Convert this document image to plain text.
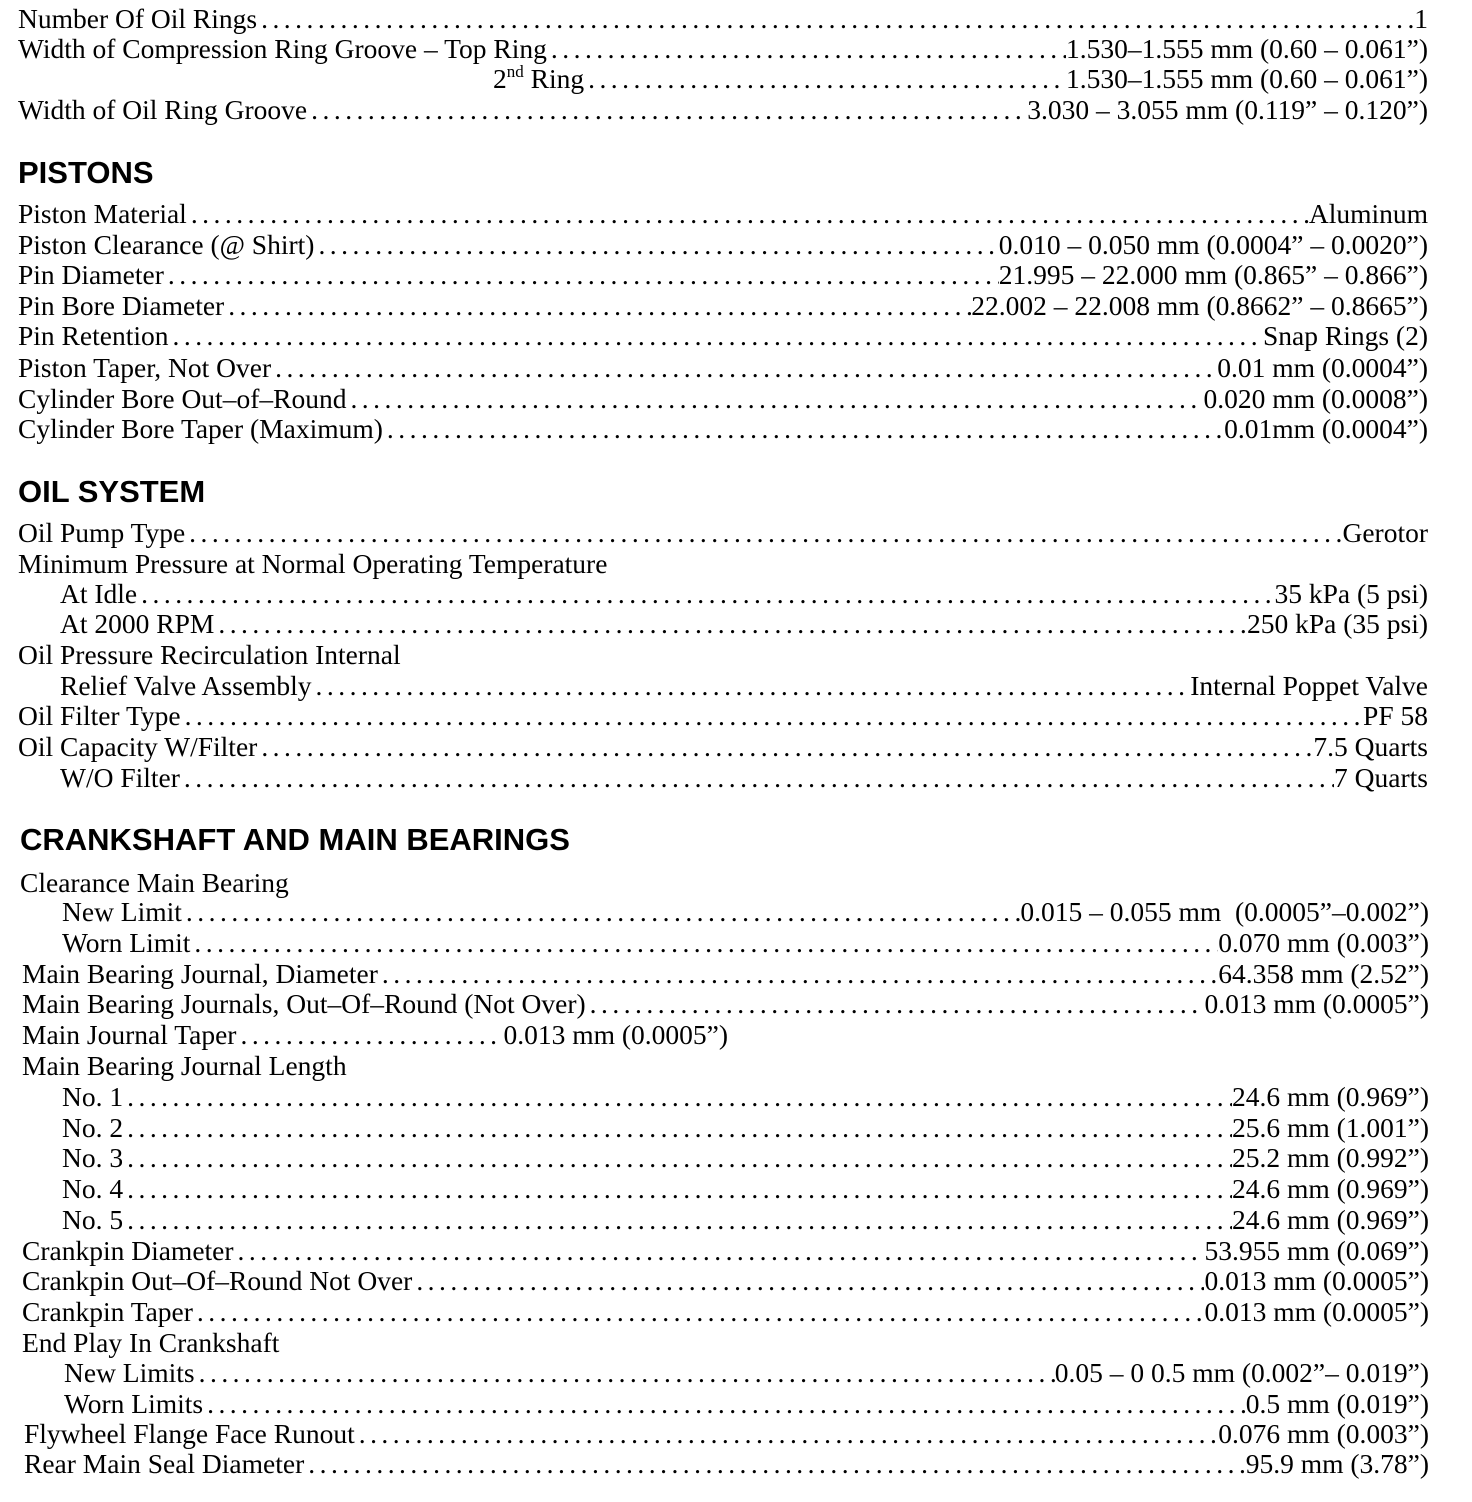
Number Of Oil Rings . . .	1
Width of Compression Ring Groove – Top Ring . . .	1.530–1.555 mm (0.60 – 0.061”)
2nd Ring . . .	1.530–1.555 mm (0.60 – 0.061”)
Width of Oil Ring Groove . . .	3.030 – 3.055 mm (0.119” – 0.120”)
PISTONS
Piston Material . . .	Aluminum
Piston Clearance (@ Shirt) . . .	0.010 – 0.050 mm (0.0004” – 0.0020”)
Pin Diameter . . .	21.995 – 22.000 mm (0.865” – 0.866”)
Pin Bore Diameter . . .	22.002 – 22.008 mm (0.8662” – 0.8665”)
Pin Retention . . .	Snap Rings (2)
Piston Taper, Not Over . . .	0.01 mm (0.0004”)
Cylinder Bore Out–of–Round . . .	0.020 mm (0.0008”)
Cylinder Bore Taper (Maximum) . . .	0.01mm (0.0004”)
OIL SYSTEM
Oil Pump Type . . .	Gerotor
Minimum Pressure at Normal Operating Temperature
At Idle . . .	35 kPa (5 psi)
At 2000 RPM . . .	250 kPa (35 psi)
Oil Pressure Recirculation Internal
Relief Valve Assembly . . .	Internal Poppet Valve
Oil Filter Type . . .	PF 58
Oil Capacity W/Filter . . .	7.5 Quarts
W/O Filter . . .	7 Quarts
CRANKSHAFT AND MAIN BEARINGS
Clearance Main Bearing
New Limit . . .	0.015 – 0.055 mm  (0.0005”–0.002”)
Worn Limit . . .	0.070 mm (0.003”)
Main Bearing Journal, Diameter . . .	64.358 mm (2.52”)
Main Bearing Journals, Out–Of–Round (Not Over) . . .	0.013 mm (0.0005”)
Main Journal Taper . . .	0.013 mm (0.0005”)
Main Bearing Journal Length
No. 1 . . .	24.6 mm (0.969”)
No. 2 . . .	25.6 mm (1.001”)
No. 3 . . .	25.2 mm (0.992”)
No. 4 . . .	24.6 mm (0.969”)
No. 5 . . .	24.6 mm (0.969”)
Crankpin Diameter . . .	53.955 mm (0.069”)
Crankpin Out–Of–Round Not Over . . .	0.013 mm (0.0005”)
Crankpin Taper . . .	0.013 mm (0.0005”)
End Play In Crankshaft
New Limits . . .	0.05 – 0 0.5 mm (0.002”– 0.019”)
Worn Limits . . .	0.5 mm (0.019”)
Flywheel Flange Face Runout . . .	0.076 mm (0.003”)
Rear Main Seal Diameter . . .	95.9 mm (3.78”)
